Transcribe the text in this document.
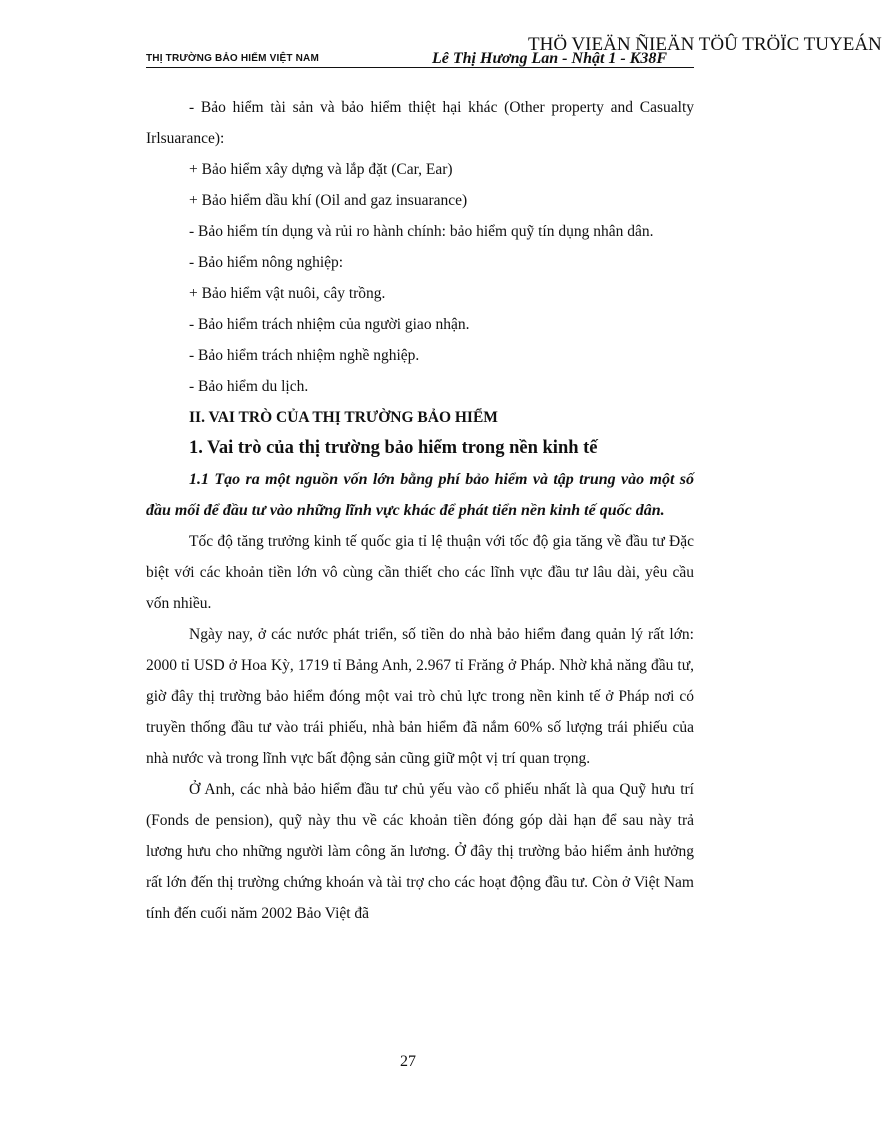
THỊ TRƯỜNG BẢO HIỂM VIỆT NAM
THÖ VIEÄN ÑIEÄN TÖÛ TRÖÏC TUYEÁN
Lê Thị Hương Lan - Nhật 1 - K38F

- Bảo hiểm tài sản và bảo hiểm thiệt hại khác (Other property and Casualty Irlsuarance):

+ Bảo hiểm xây dựng và lắp đặt (Car, Ear)

+ Bảo hiểm dầu khí (Oil and gaz insuarance)

- Bảo hiểm tín dụng và rủi ro hành chính: bảo hiểm quỹ tín dụng nhân dân.

- Bảo hiểm nông nghiệp:

+ Bảo hiểm vật nuôi, cây trồng.

- Bảo hiểm trách nhiệm của người giao nhận.

- Bảo hiểm trách nhiệm nghề nghiệp.

- Bảo hiểm du lịch.

II. VAI TRÒ CỦA THỊ TRƯỜNG BẢO HIỂM

1. Vai trò của thị trường bảo hiểm trong nền kinh tế

1.1 Tạo ra một nguồn vốn lớn bằng phí bảo hiểm và tập trung vào một số đầu mối để đầu tư vào những lĩnh vực khác để phát tiển nền kinh tế quốc dân.

Tốc độ tăng trưởng kinh tế quốc gia tỉ lệ thuận với tốc độ gia tăng về đầu tư Đặc biệt với các khoản tiền lớn vô cùng cần thiết cho các lĩnh vực đầu tư lâu dài, yêu cầu vốn nhiều.

Ngày nay, ở các nước phát triển, số tiền do nhà bảo hiểm đang quản lý rất lớn: 2000 tỉ USD ở Hoa Kỳ, 1719 tỉ Bảng Anh, 2.967 tỉ Frăng ở Pháp. Nhờ khả năng đầu tư, giờ đây thị trường bảo hiểm đóng một vai trò chủ lực trong nền kinh tế ở Pháp nơi có truyền thống đầu tư vào trái phiếu, nhà bản hiểm đã nắm 60% số lượng trái phiếu của nhà nước và trong lĩnh vực bất động sản cũng giữ một vị trí quan trọng.

Ở Anh, các nhà bảo hiểm đầu tư chủ yếu vào cổ phiếu nhất là qua Quỹ hưu trí (Fonds de pension), quỹ này thu về các khoản tiền đóng góp dài hạn để sau này trả lương hưu cho những người làm công ăn lương. Ở đây thị trường bảo hiểm ảnh hưởng rất lớn đến thị trường chứng khoán và tài trợ cho các hoạt động đầu tư. Còn ở Việt Nam tính đến cuối năm 2002 Bảo Việt đã

27
